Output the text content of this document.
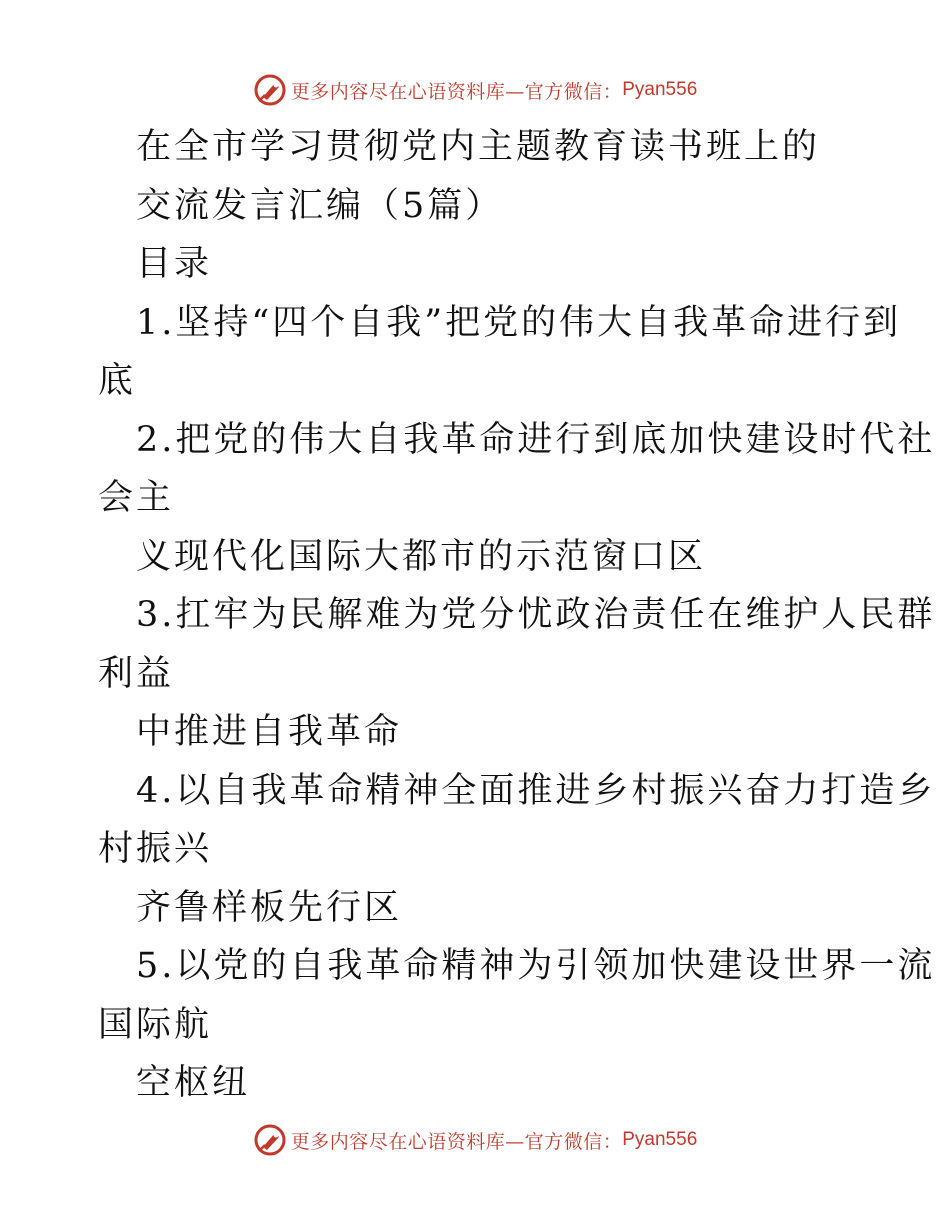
更多内容尽在心语资料库—官方微信： Pyan556
在全市学习贯彻党内主题教育读书班上的
交流发言汇编（5篇）
目录
1.坚持“四个自我”把党的伟大自我革命进行到
底
2.把党的伟大自我革命进行到底加快建设时代社
会主
义现代化国际大都市的示范窗口区
3.扛牢为民解难为党分忧政治责任在维护人民群
利益
中推进自我革命
4.以自我革命精神全面推进乡村振兴奋力打造乡
村振兴
齐鲁样板先行区
5.以党的自我革命精神为引领加快建设世界一流
国际航
空枢纽
更多内容尽在心语资料库—官方微信： Pyan556
